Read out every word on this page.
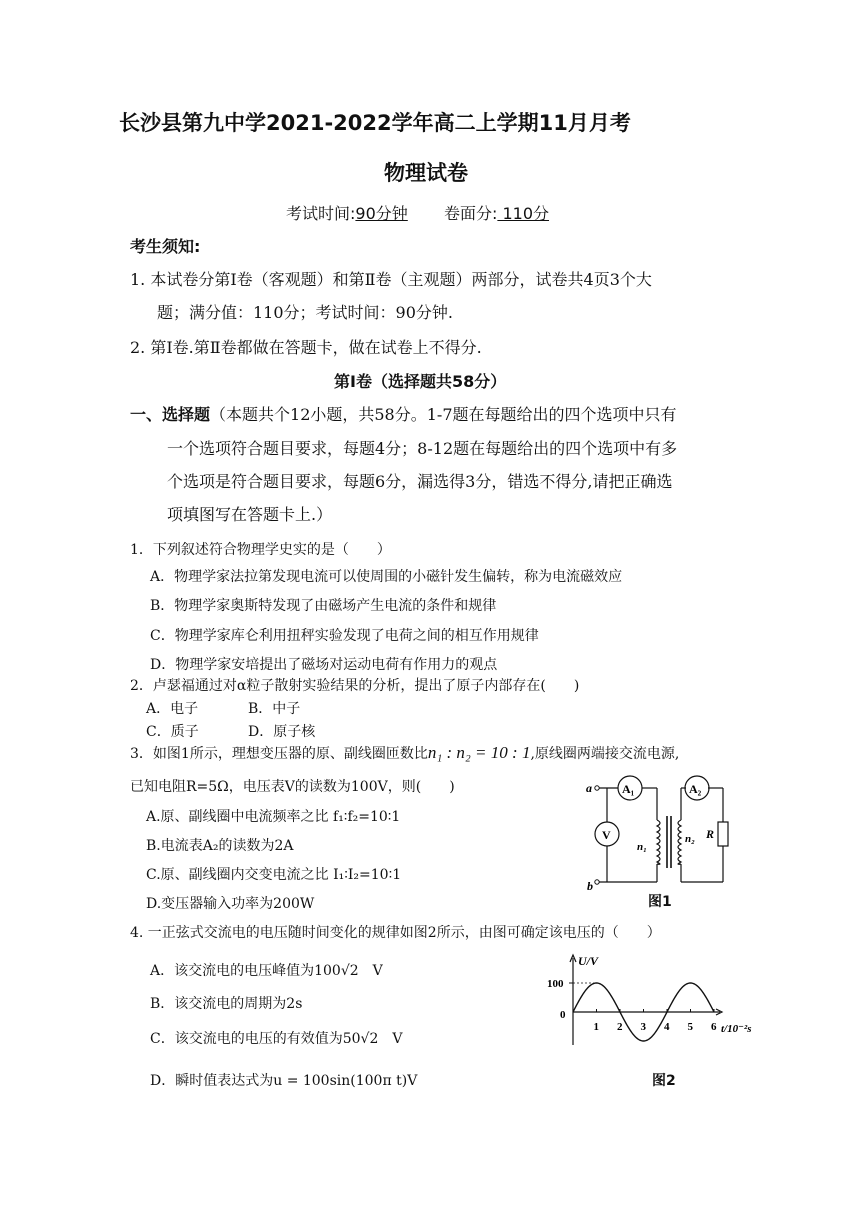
长沙县第九中学2021-2022学年高二上学期11月月考
物理试卷
考试时间:90分钟 卷面分: 110分
考生须知:
1. 本试卷分第Ⅰ卷（客观题）和第Ⅱ卷（主观题）两部分，试卷共4页3个大
题；满分值：110分；考试时间：90分钟.
2. 第Ⅰ卷.第Ⅱ卷都做在答题卡，做在试卷上不得分.
第Ⅰ卷（选择题共58分）
一、选择题（本题共个12小题，共58分。1-7题在每题给出的四个选项中只有
一个选项符合题目要求，每题4分；8-12题在每题给出的四个选项中有多
个选项是符合题目要求，每题6分，漏选得3分，错选不得分,请把正确选
项填图写在答题卡上.）
1．下列叙述符合物理学史实的是（　　）
A．物理学家法拉第发现电流可以使周围的小磁针发生偏转，称为电流磁效应
B．物理学家奥斯特发现了由磁场产生电流的条件和规律
C．物理学家库仑利用扭秤实验发现了电荷之间的相互作用规律
D．物理学家安培提出了磁场对运动电荷有作用力的观点
2．卢瑟福通过对α粒子散射实验结果的分析，提出了原子内部存在(　　)
A．电子	B．中子
C．质子	D．原子核
3．如图1所示，理想变压器的原、副线圈匝数比n₁ : n₂ = 10 : 1,原线圈两端接交流电源,
已知电阻R=5Ω，电压表V的读数为100V，则(　　)
A.原、副线圈中电流频率之比 f₁∶f₂=10∶1
B.电流表A₂的读数为2A
C.原、副线圈内交变电流之比 I₁∶I₂=10∶1
D.变压器输入功率为200W
a
b
A₁	A₂
V
n₁
n₂ R
图1
4. 一正弦式交流电的电压随时间变化的规律如图2所示，由图可确定该电压的（　　）
A．该交流电的电压峰值为100√2　V
B．该交流电的周期为2s
C．该交流电的电压的有效值为50√2　V
D．瞬时值表达式为u = 100sin(100π t)V
1 2 3 4 5 6
U/V
100
0
t/10⁻²s
图2
